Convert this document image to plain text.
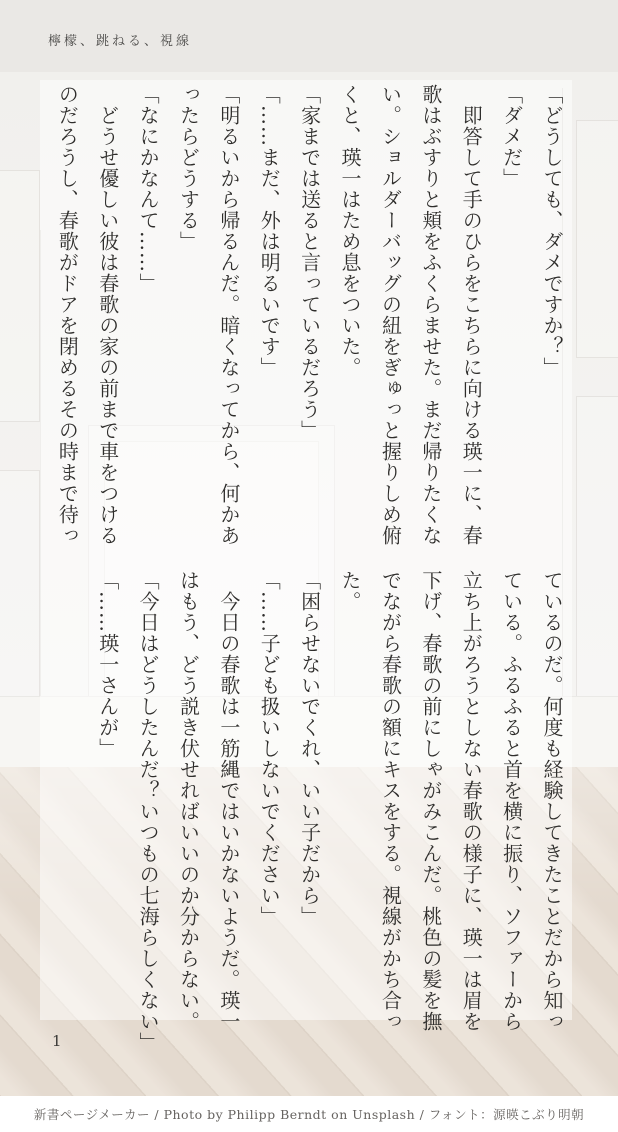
檸檬、跳ねる、視線

「どうしても、ダメですか？」

「ダメだ」

　即答して手のひらをこちらに向ける瑛一に、春

歌はぶすりと頬をふくらませた。まだ帰りたくな

い。ショルダーバッグの紐をぎゅっと握りしめ俯

くと、瑛一はため息をついた。

「家までは送ると言っているだろう」

「……まだ、外は明るいです」

「明るいから帰るんだ。暗くなってから、何かあ

ったらどうする」

「なにかなんて……」

　どうせ優しい彼は春歌の家の前まで車をつける

のだろうし、春歌がドアを閉めるその時まで待っ

ているのだ。何度も経験してきたことだから知っ

ている。ふるふると首を横に振り、ソファーから

立ち上がろうとしない春歌の様子に、瑛一は眉を

下げ、春歌の前にしゃがみこんだ。桃色の髪を撫

でながら春歌の額にキスをする。視線がかち合っ

た。

「困らせないでくれ、いい子だから」

「……子ども扱いしないでください」

　今日の春歌は一筋縄ではいかないようだ。瑛一

はもう、どう説き伏せればいいのか分からない。

「今日はどうしたんだ？いつもの七海らしくない」

「……瑛一さんが」

1
新書ページメーカー / Photo by Philipp Berndt on Unsplash / フォント：源暎こぶり明朝
